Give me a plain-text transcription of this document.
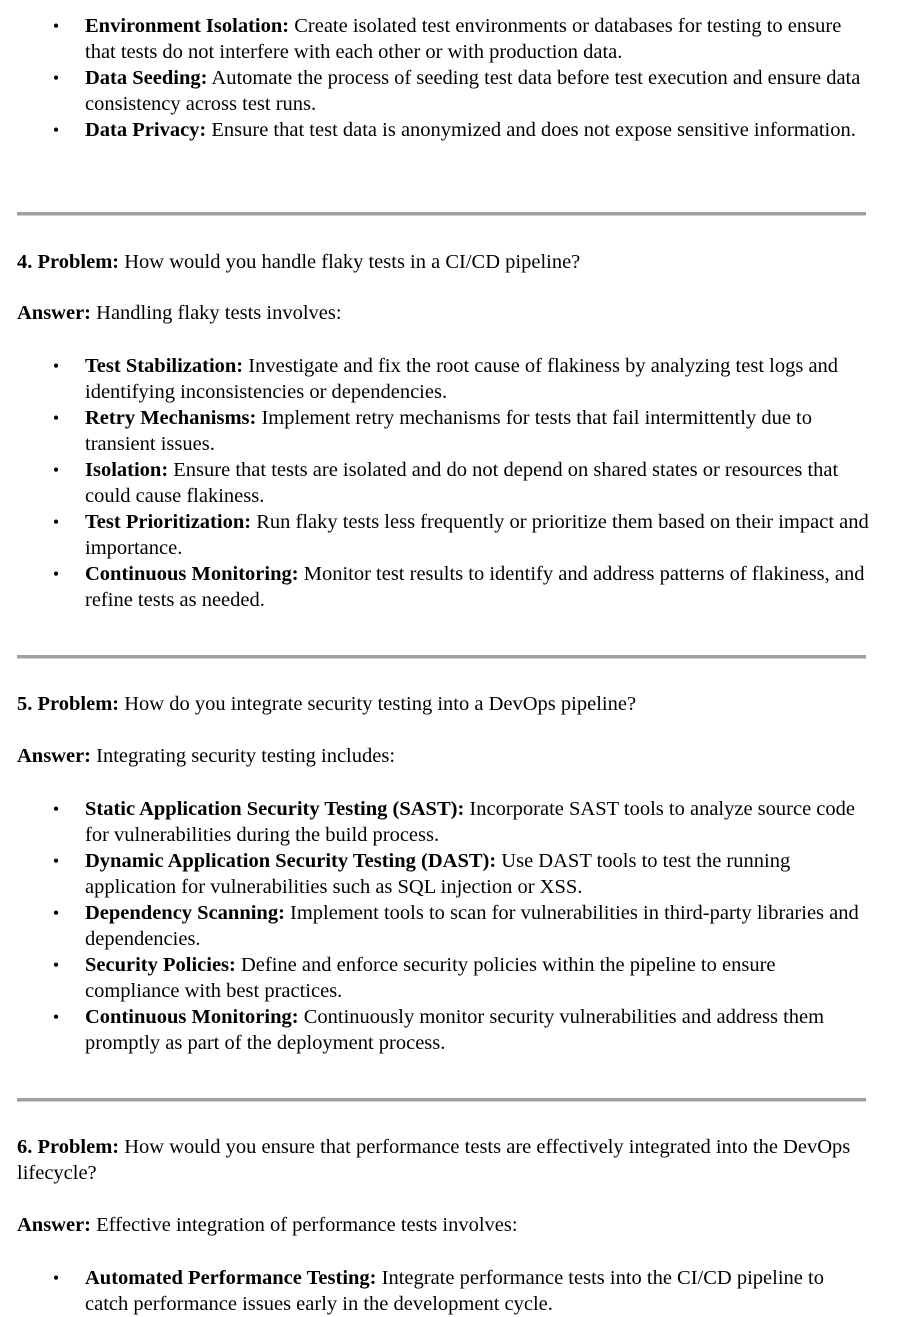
• Environment Isolation: Create isolated test environments or databases for testing to ensure that tests do not interfere with each other or with production data.
• Data Seeding: Automate the process of seeding test data before test execution and ensure data consistency across test runs.
• Data Privacy: Ensure that test data is anonymized and does not expose sensitive information.

4. Problem: How would you handle flaky tests in a CI/CD pipeline?

Answer: Handling flaky tests involves:

• Test Stabilization: Investigate and fix the root cause of flakiness by analyzing test logs and identifying inconsistencies or dependencies.
• Retry Mechanisms: Implement retry mechanisms for tests that fail intermittently due to transient issues.
• Isolation: Ensure that tests are isolated and do not depend on shared states or resources that could cause flakiness.
• Test Prioritization: Run flaky tests less frequently or prioritize them based on their impact and importance.
• Continuous Monitoring: Monitor test results to identify and address patterns of flakiness, and refine tests as needed.

5. Problem: How do you integrate security testing into a DevOps pipeline?

Answer: Integrating security testing includes:

• Static Application Security Testing (SAST): Incorporate SAST tools to analyze source code for vulnerabilities during the build process.
• Dynamic Application Security Testing (DAST): Use DAST tools to test the running application for vulnerabilities such as SQL injection or XSS.
• Dependency Scanning: Implement tools to scan for vulnerabilities in third-party libraries and dependencies.
• Security Policies: Define and enforce security policies within the pipeline to ensure compliance with best practices.
• Continuous Monitoring: Continuously monitor security vulnerabilities and address them promptly as part of the deployment process.

6. Problem: How would you ensure that performance tests are effectively integrated into the DevOps lifecycle?

Answer: Effective integration of performance tests involves:

• Automated Performance Testing: Integrate performance tests into the CI/CD pipeline to catch performance issues early in the development cycle.
